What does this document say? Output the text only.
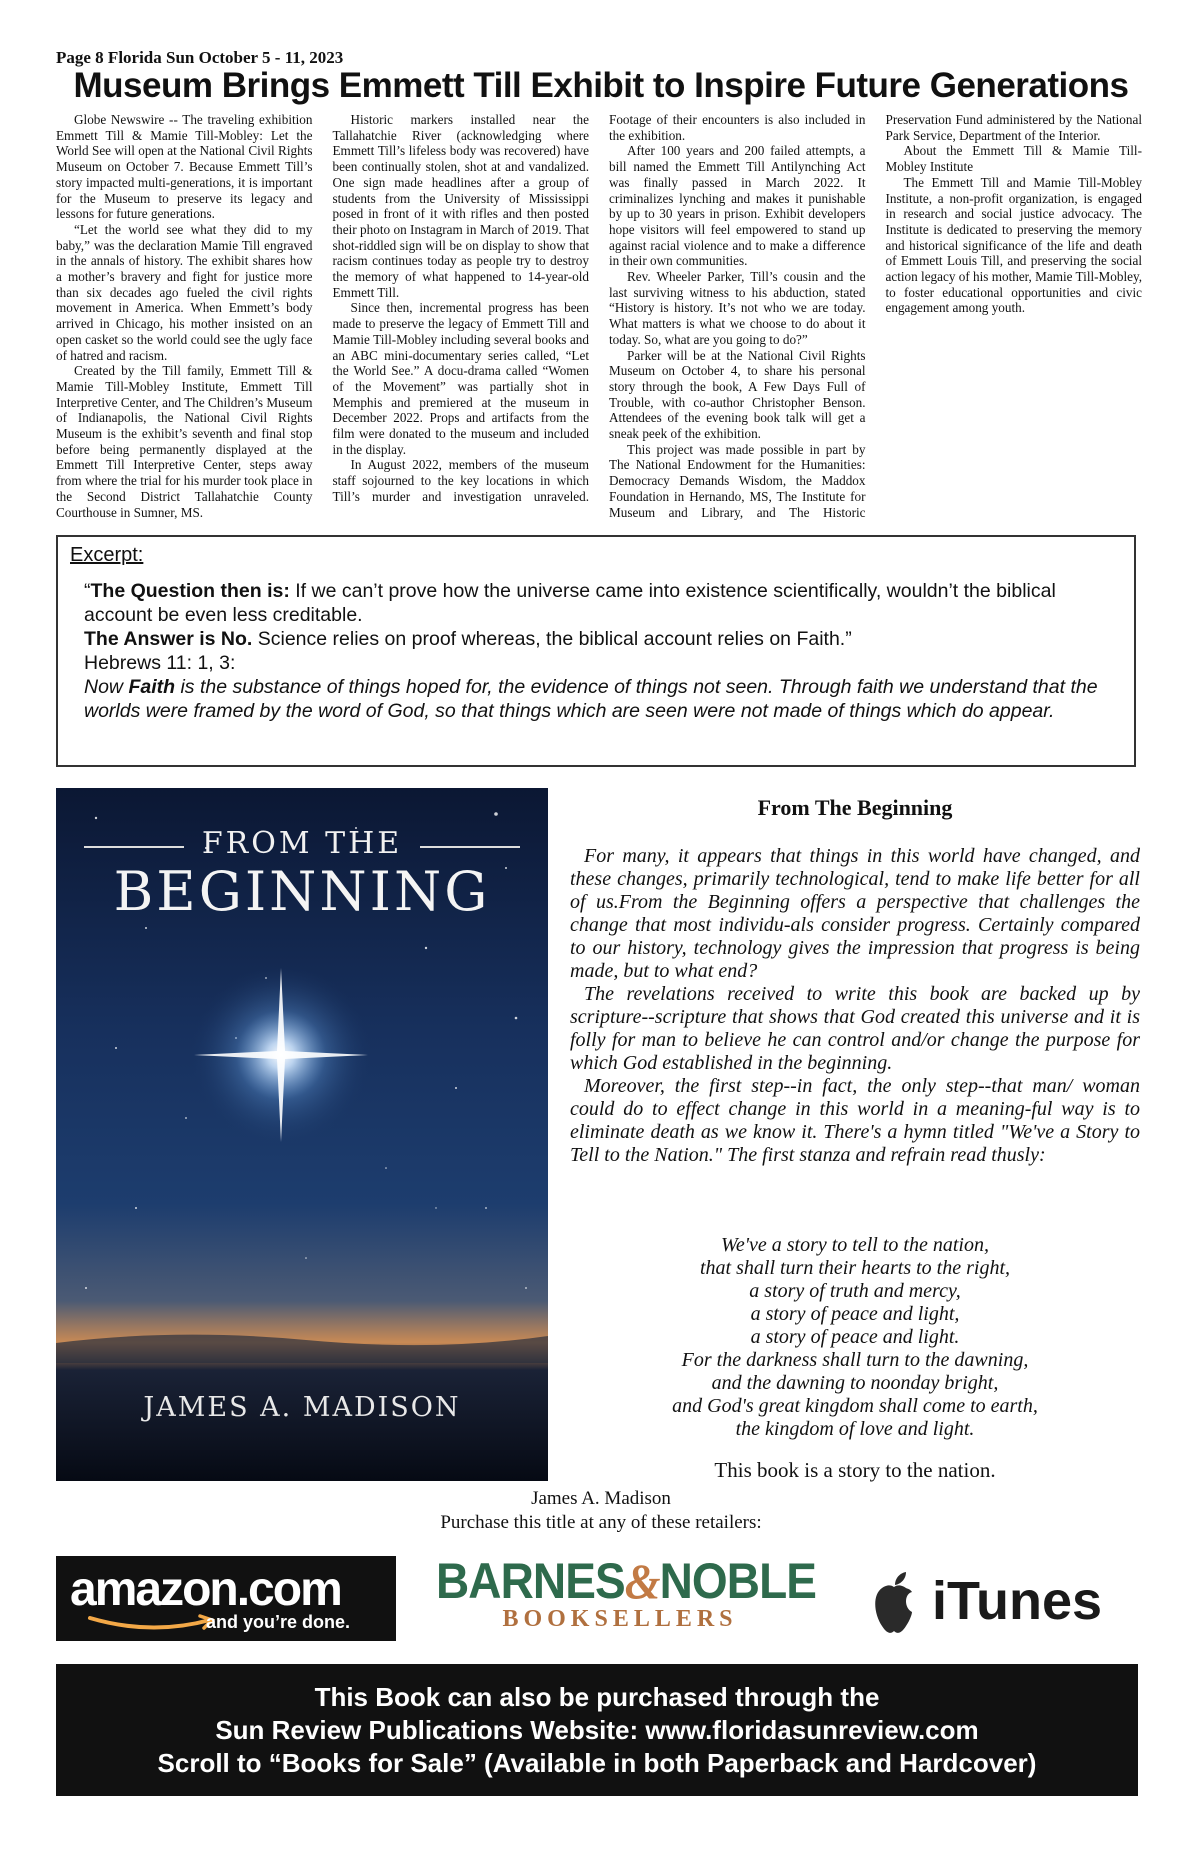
Page 8 Florida Sun October 5 - 11, 2023
Museum Brings Emmett Till Exhibit to Inspire Future Generations

Globe Newswire -- The traveling exhibition Emmett Till & Mamie Till-Mobley: Let the World See will open at the National Civil Rights Museum on October 7. Because Emmett Till’s story impacted multi-generations, it is important for the Museum to preserve its legacy and lessons for future generations.

“Let the world see what they did to my baby,” was the declaration Mamie Till engraved in the annals of history. The exhibit shares how a mother’s bravery and fight for justice more than six decades ago fueled the civil rights movement in America. When Emmett’s body arrived in Chicago, his mother insisted on an open casket so the world could see the ugly face of hatred and racism.

Created by the Till family, Emmett Till & Mamie Till-Mobley Institute, Emmett Till Interpretive Center, and The Children’s Museum of Indianapolis, the National Civil Rights Museum is the exhibit’s seventh and final stop before being permanently displayed at the Emmett Till Interpretive Center, steps away from where the trial for his murder took place in the Second District Tallahatchie County Courthouse in Sumner, MS.

Historic markers installed near the Tallahatchie River (acknowledging where Emmett Till’s lifeless body was recovered) have been continually stolen, shot at and vandalized. One sign made headlines after a group of students from the University of Mississippi posed in front of it with rifles and then posted their photo on Instagram in March of 2019. That shot-riddled sign will be on display to show that racism continues today as people try to destroy the memory of what happened to 14-year-old Emmett Till.

Since then, incremental progress has been made to preserve the legacy of Emmett Till and Mamie Till-Mobley including several books and an ABC mini-documentary series called, “Let the World See.” A docu-drama called “Women of the Movement” was partially shot in Memphis and premiered at the museum in December 2022. Props and artifacts from the film were donated to the museum and included in the display.

In August 2022, members of the museum staff sojourned to the key locations in which Till’s murder and investigation unraveled. Footage of their encounters is also included in the exhibition.

After 100 years and 200 failed attempts, a bill named the Emmett Till Antilynching Act was finally passed in March 2022. It criminalizes lynching and makes it punishable by up to 30 years in prison. Exhibit developers hope visitors will feel empowered to stand up against racial violence and to make a difference in their own communities.

Rev. Wheeler Parker, Till’s cousin and the last surviving witness to his abduction, stated “History is history. It’s not who we are today. What matters is what we choose to do about it today. So, what are you going to do?”

Parker will be at the National Civil Rights Museum on October 4, to share his personal story through the book, A Few Days Full of Trouble, with co-author Christopher Benson. Attendees of the evening book talk will get a sneak peek of the exhibition.

This project was made possible in part by The National Endowment for the Humanities: Democracy Demands Wisdom, the Maddox Foundation in Hernando, MS, The Institute for Museum and Library, and The Historic Preservation Fund administered by the National Park Service, Department of the Interior.

About the Emmett Till & Mamie Till-Mobley Institute

The Emmett Till and Mamie Till-Mobley Institute, a non-profit organization, is engaged in research and social justice advocacy. The Institute is dedicated to preserving the memory and historical significance of the life and death of Emmett Louis Till, and preserving the social action legacy of his mother, Mamie Till-Mobley, to foster educational opportunities and civic engagement among youth.

Excerpt:

“The Question then is: If we can’t prove how the universe came into existence scientifically, wouldn’t the biblical account be even less creditable.

The Answer is No. Science relies on proof whereas, the biblical account relies on Faith.”

Hebrews 11: 1, 3:

Now Faith is the substance of things hoped for, the evidence of things not seen. Through faith we understand that the worlds were framed by the word of God, so that things which are seen were not made of things which do appear.

FROM THE
BEGINNING
JAMES A. MADISON
From The Beginning

For many, it appears that things in this world have changed, and these changes, primarily technological, tend to make life better for all of us.From the Beginning offers a perspective that challenges the change that most individu-als consider progress. Certainly compared to our history, technology gives the impression that progress is being made, but to what end?

The revelations received to write this book are backed up by scripture--scripture that shows that God created this universe and it is folly for man to believe he can control and/or change the purpose for which God established in the beginning.

Moreover, the first step--in fact, the only step--that man/ woman could do to effect change in this world in a meaning-ful way is to eliminate death as we know it. There's a hymn titled "We've a Story to Tell to the Nation." The first stanza and refrain read thusly:

We've a story to tell to the nation,
that shall turn their hearts to the right,
a story of truth and mercy,
a story of peace and light,
a story of peace and light.
For the darkness shall turn to the dawning,
and the dawning to noonday bright,
and God's great kingdom shall come to earth,
the kingdom of love and light.
This book is a story to the nation.
James A. Madison
Purchase this title at any of these retailers:
amazon.com
and you’re done.
BARNES&NOBLE
BOOKSELLERS	iTunes
This Book can also be purchased through the
Sun Review Publications Website: www.floridasunreview.com
Scroll to “Books for Sale” (Available in both Paperback and Hardcover)
